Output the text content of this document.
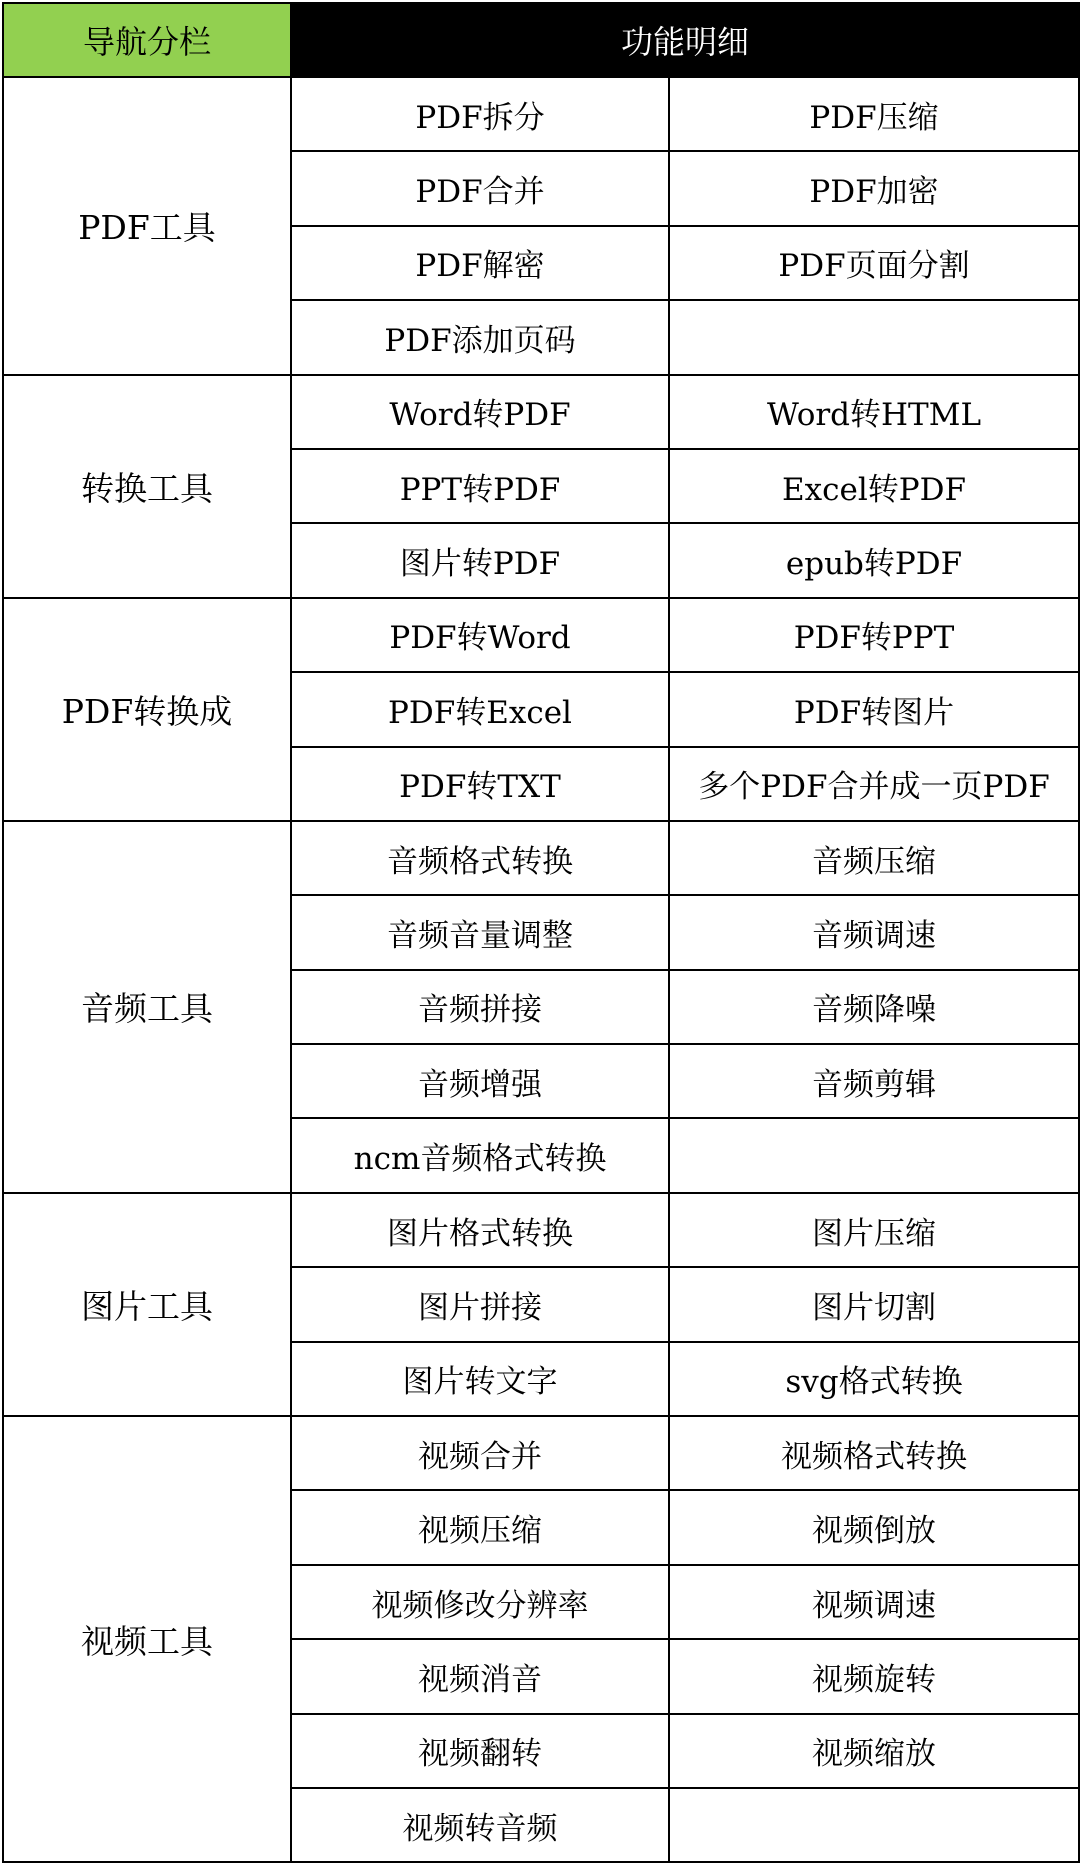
导航分栏	功能明细	
PDF工具	PDF拆分	PDF压缩
	PDF合并	PDF加密
	PDF解密	PDF页面分割
	PDF添加页码	
转换工具	Word转PDF	Word转HTML
	PPT转PDF	Excel转PDF
	图片转PDF	epub转PDF
PDF转换成	PDF转Word	PDF转PPT
	PDF转Excel	PDF转图片
	PDF转TXT	多个PDF合并成一页PDF
音频工具	音频格式转换	音频压缩
	音频音量调整	音频调速
	音频拼接	音频降噪
	音频增强	音频剪辑
	ncm音频格式转换	
图片工具	图片格式转换	图片压缩
	图片拼接	图片切割
	图片转文字	svg格式转换
视频工具	视频合并	视频格式转换
	视频压缩	视频倒放
	视频修改分辨率	视频调速
	视频消音	视频旋转
	视频翻转	视频缩放
	视频转音频	
